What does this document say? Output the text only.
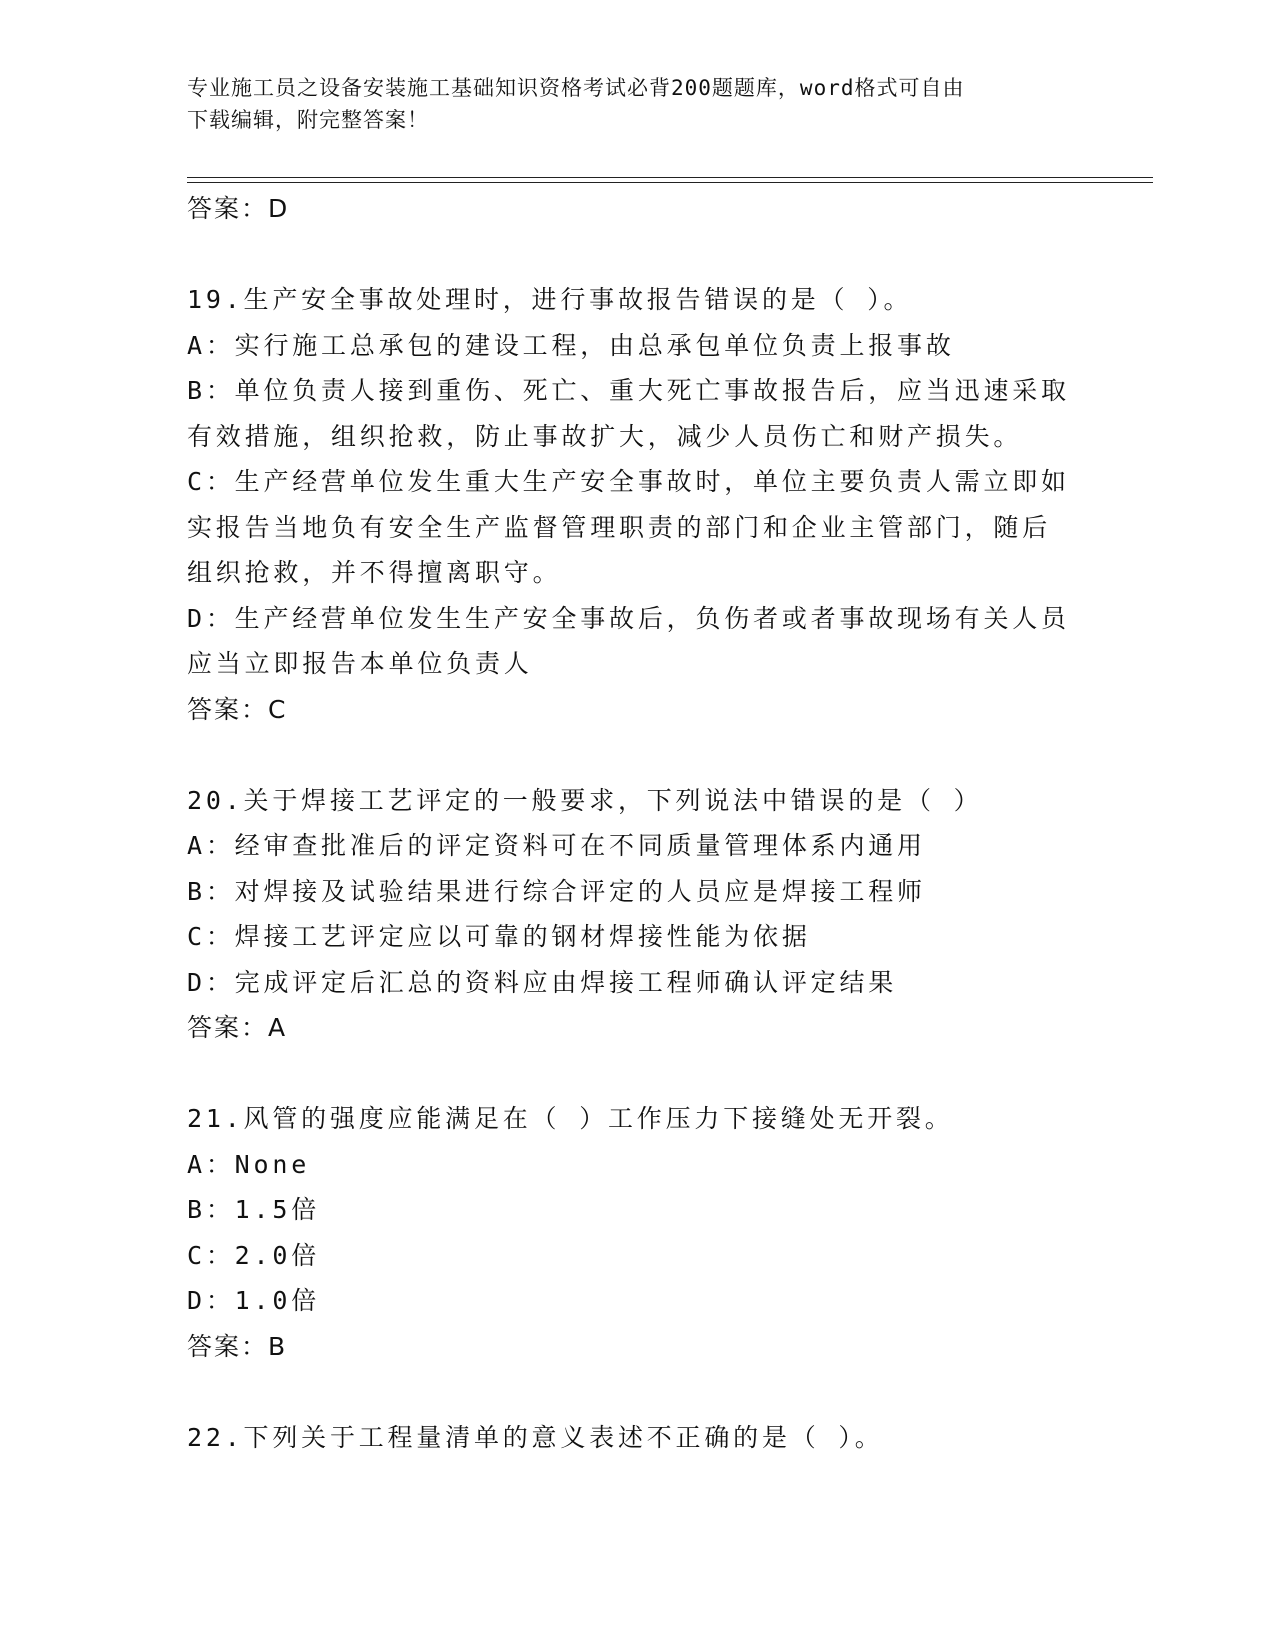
专业施工员之设备安装施工基础知识资格考试必背200题题库，word格式可自由
下载编辑，附完整答案！
答案：D
19.生产安全事故处理时，进行事故报告错误的是（ ）。
A：实行施工总承包的建设工程，由总承包单位负责上报事故
B：单位负责人接到重伤、死亡、重大死亡事故报告后，应当迅速采取
有效措施，组织抢救，防止事故扩大，减少人员伤亡和财产损失。
C：生产经营单位发生重大生产安全事故时，单位主要负责人需立即如
实报告当地负有安全生产监督管理职责的部门和企业主管部门，随后
组织抢救，并不得擅离职守。
D：生产经营单位发生生产安全事故后，负伤者或者事故现场有关人员
应当立即报告本单位负责人
答案：C
20.关于焊接工艺评定的一般要求，下列说法中错误的是（ ）
A：经审查批准后的评定资料可在不同质量管理体系内通用
B：对焊接及试验结果进行综合评定的人员应是焊接工程师
C：焊接工艺评定应以可靠的钢材焊接性能为依据
D：完成评定后汇总的资料应由焊接工程师确认评定结果
答案：A
21.风管的强度应能满足在（ ）工作压力下接缝处无开裂。
A：None
B：1.5倍
C：2.0倍
D：1.0倍
答案：B
22.下列关于工程量清单的意义表述不正确的是（ ）。
